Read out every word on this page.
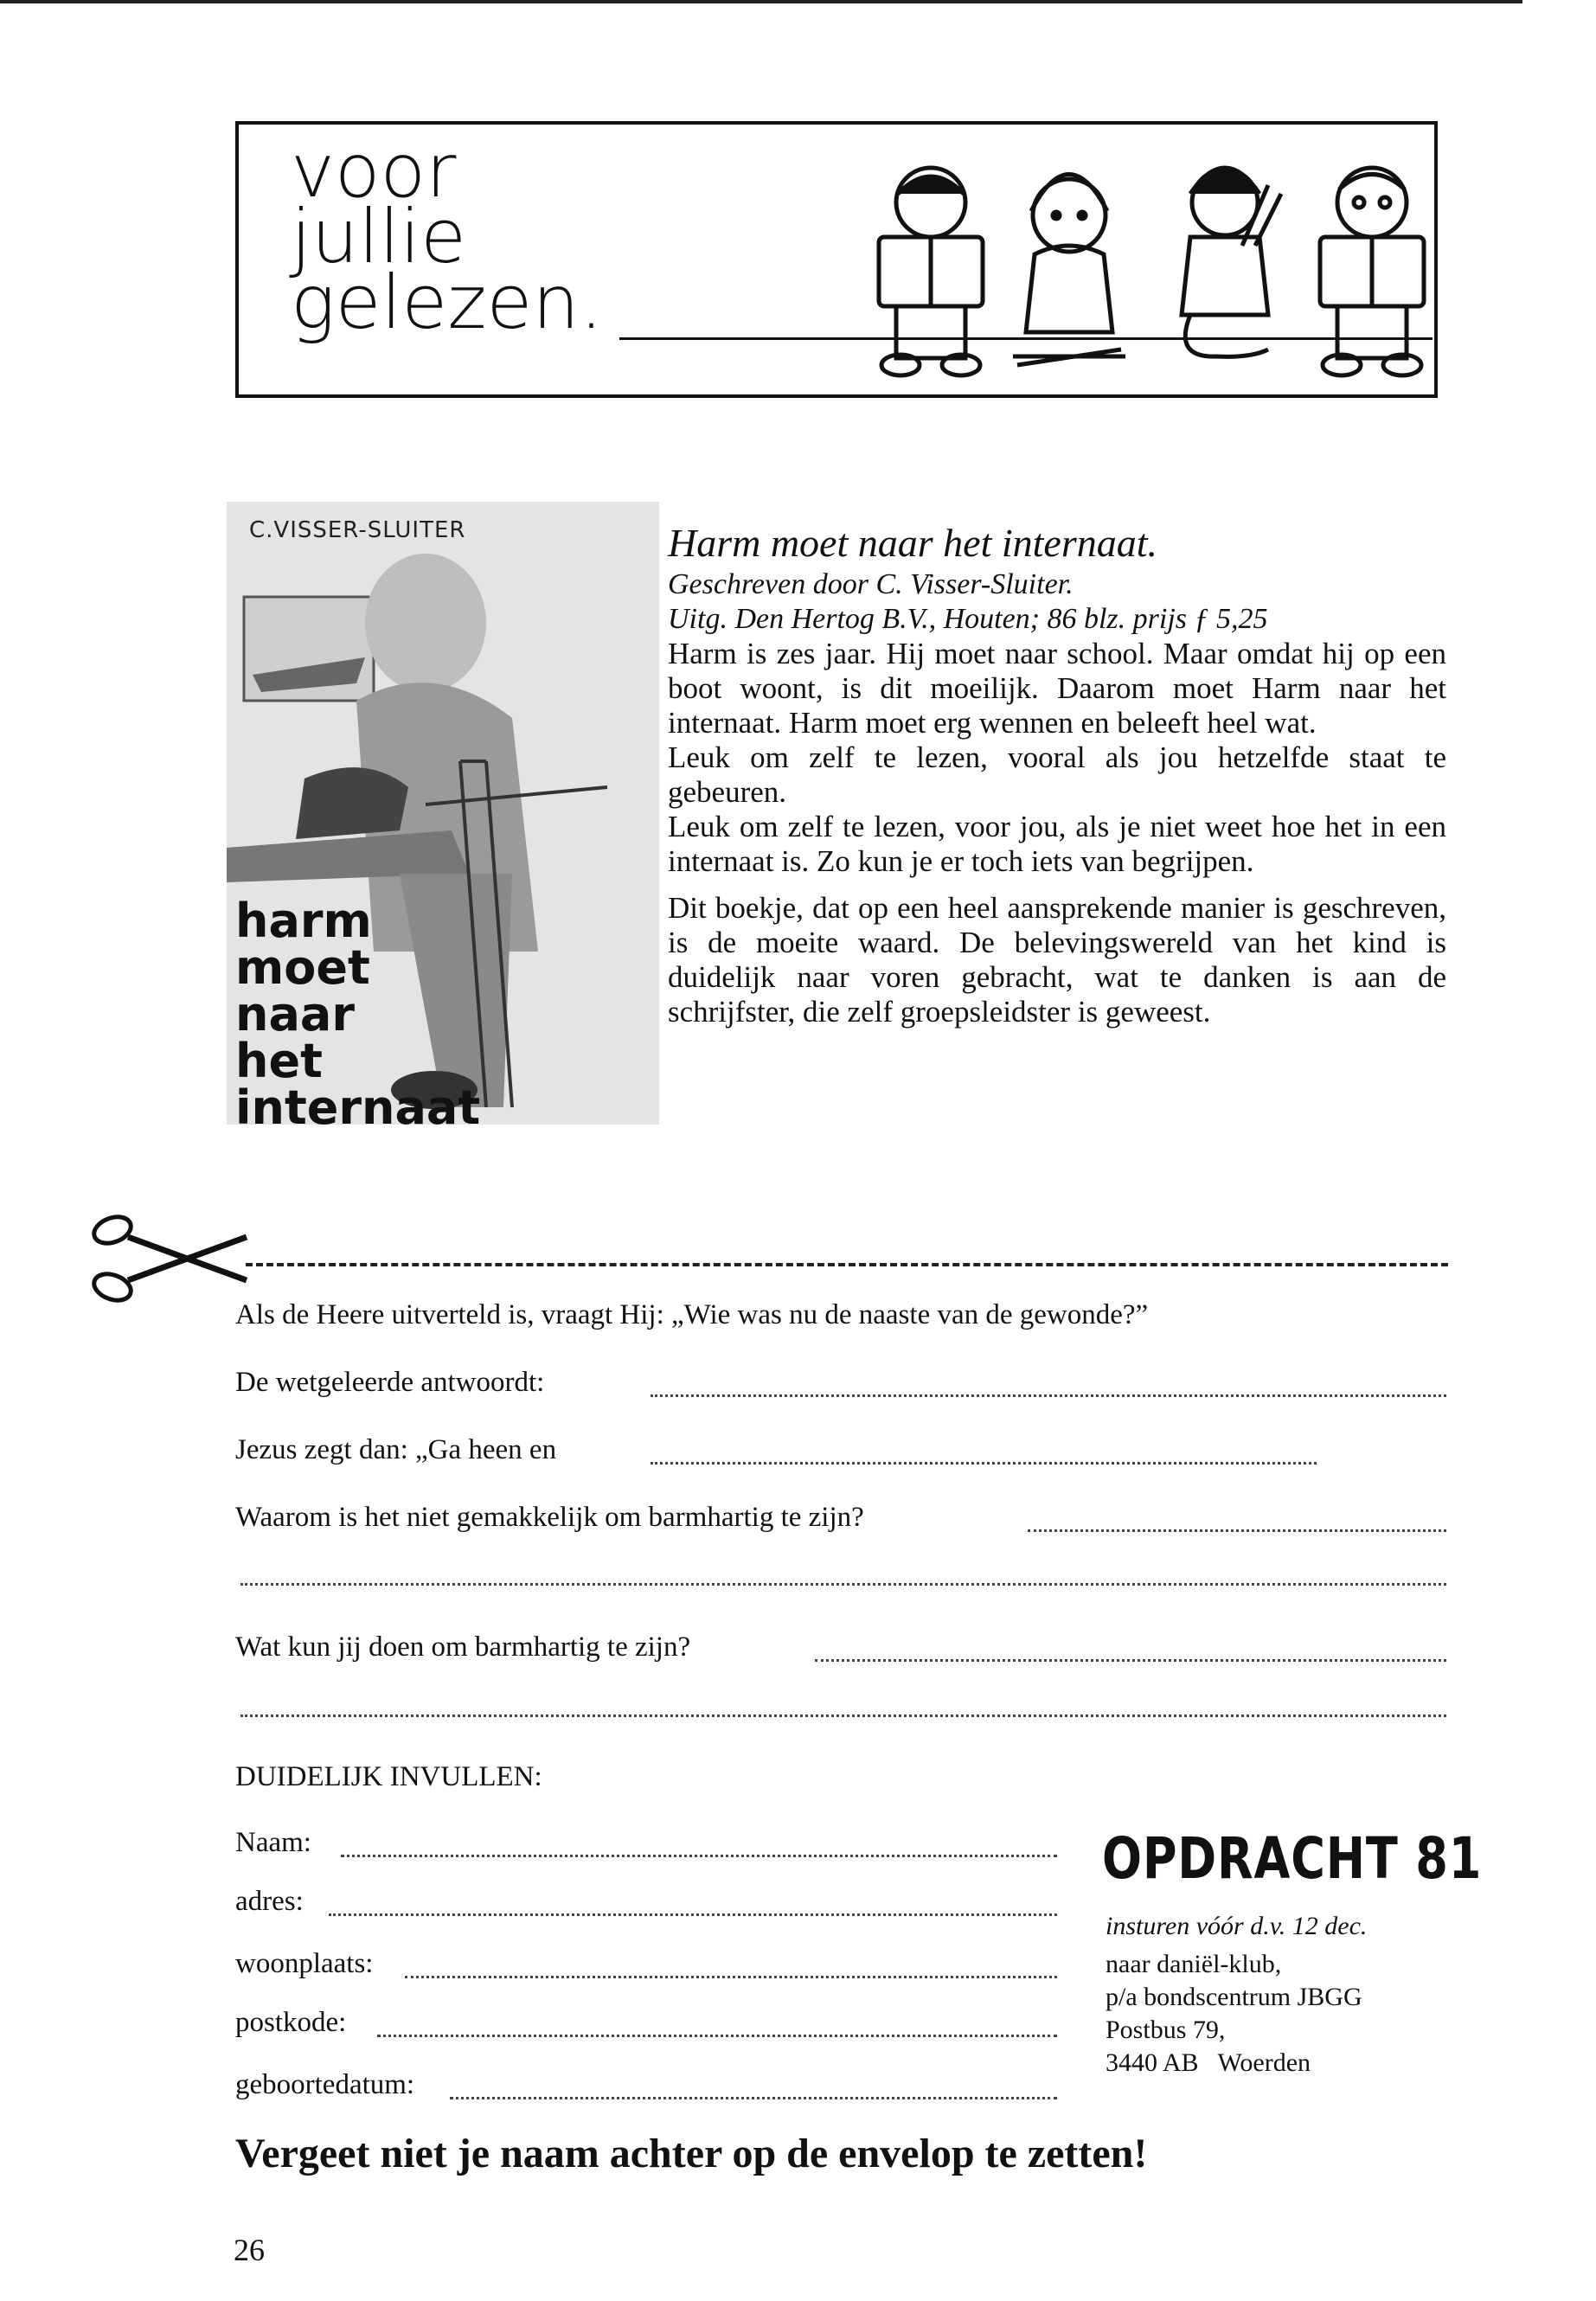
voor
jullie
gelezen.
C.VISSER-SLUITER
harm
moet
naar
het
internaat

Harm moet naar het internaat.

Geschreven door C. Visser-Sluiter.

Uitg. Den Hertog B.V., Houten; 86 blz. prijs ƒ 5,25

Harm is zes jaar. Hij moet naar school. Maar omdat hij op een boot woont, is dit moeilijk. Daarom moet Harm naar het internaat. Harm moet erg wennen en beleeft heel wat.

Leuk om zelf te lezen, vooral als jou hetzelfde staat te gebeuren.

Leuk om zelf te lezen, voor jou, als je niet weet hoe het in een internaat is. Zo kun je er toch iets van begrijpen.

Dit boekje, dat op een heel aansprekende manier is geschreven, is de moeite waard. De belevingswereld van het kind is duidelijk naar voren gebracht, wat te danken is aan de schrijfster, die zelf groepsleidster is geweest.

Als de Heere uitverteld is, vraagt Hij: „Wie was nu de naaste van de gewonde?”
De wetgeleerde antwoordt:
Jezus zegt dan: „Ga heen en
Waarom is het niet gemakkelijk om barmhartig te zijn?
Wat kun jij doen om barmhartig te zijn?
DUIDELIJK INVULLEN:
Naam:
adres:
woonplaats:
postkode:
geboortedatum:
OPDRACHT 81
insturen vóór d.v. 12 dec.
naar daniël-klub,
p/a bondscentrum JBGG
Postbus 79,
3440 AB   Woerden
Vergeet niet je naam achter op de envelop te zetten!
26
